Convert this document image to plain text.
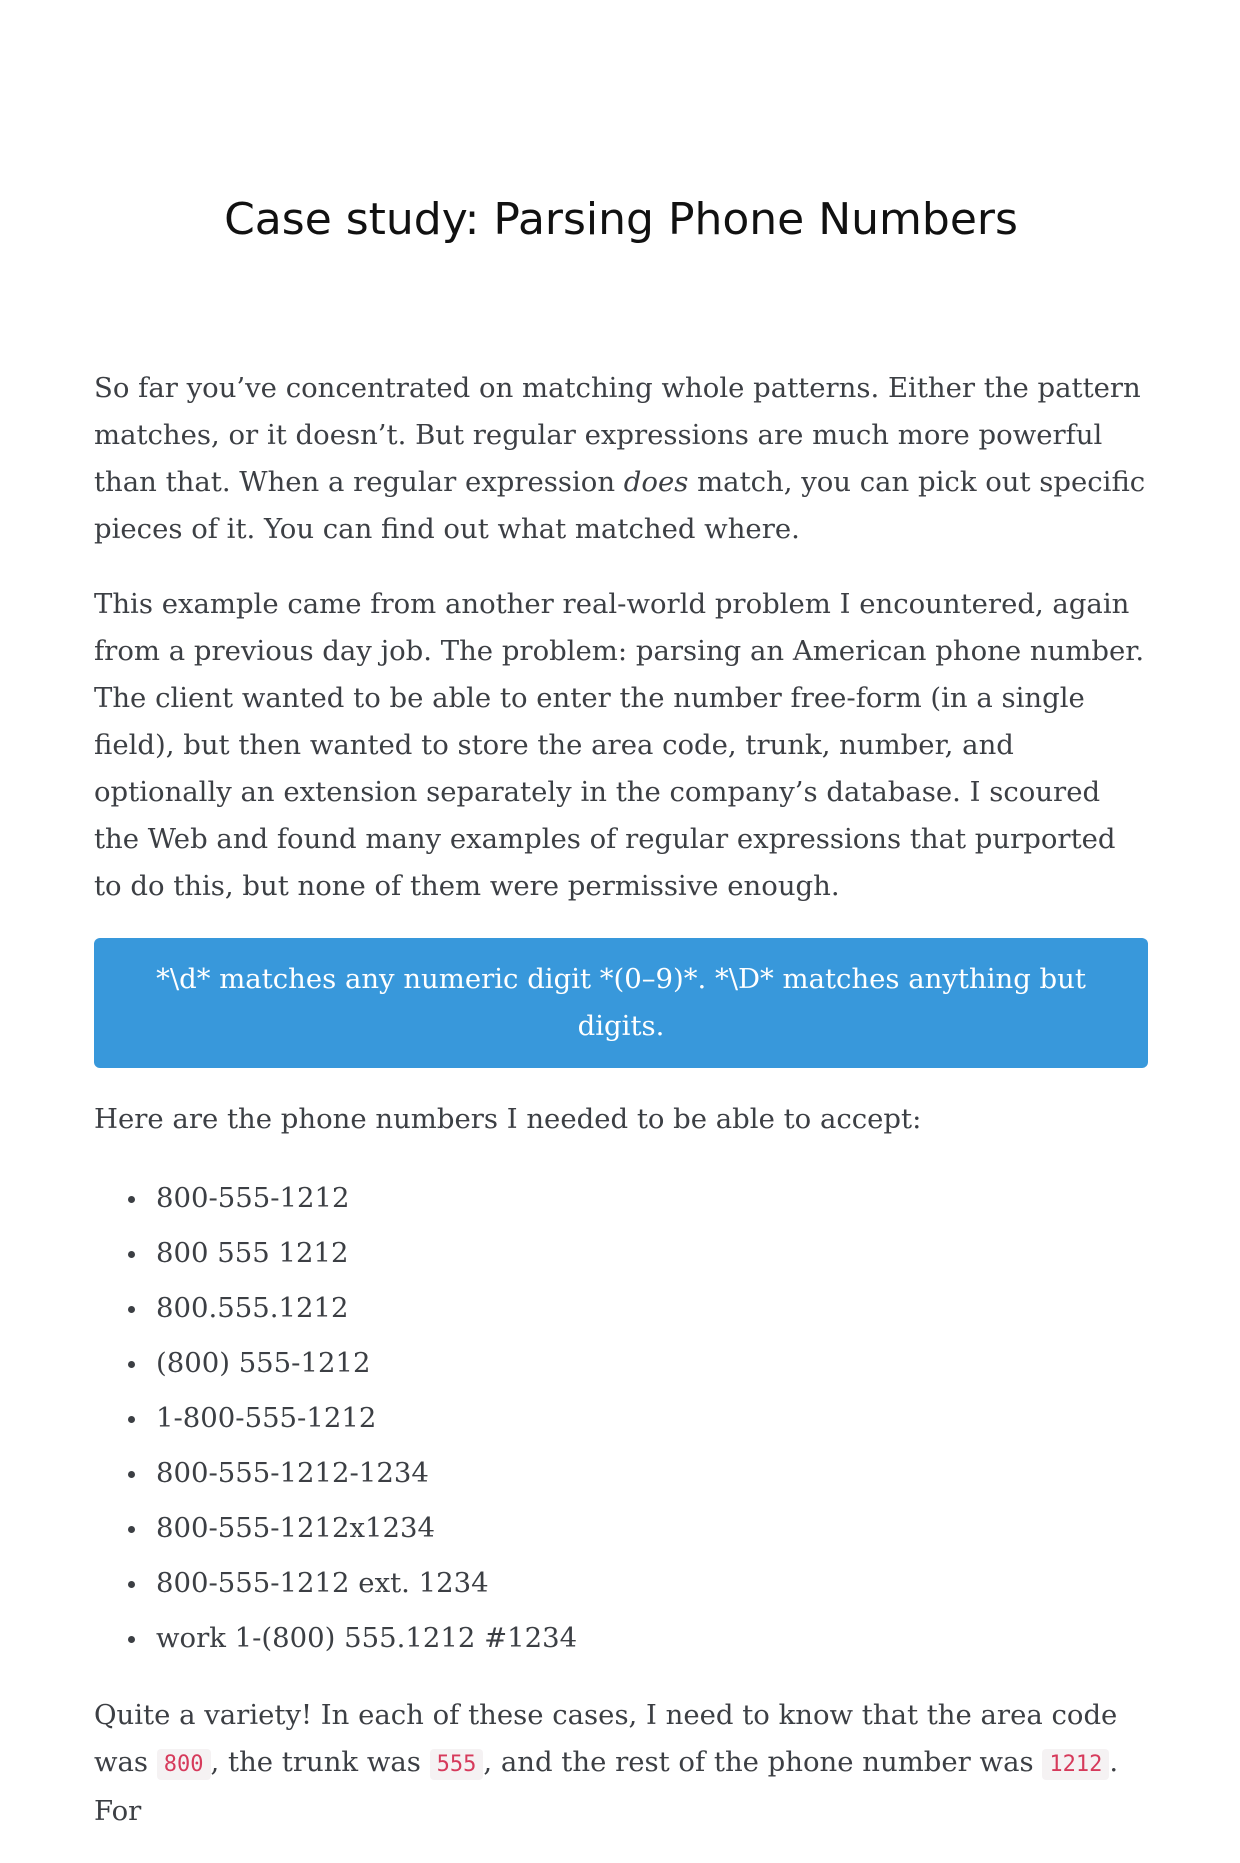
Case study: Parsing Phone Numbers

So far you’ve concentrated on matching whole patterns. Either the pattern matches, or it doesn’t. But regular expressions are much more powerful than that. When a regular expression does match, you can pick out specific pieces of it. You can find out what matched where.

This example came from another real-world problem I encountered, again from a previous day job. The problem: parsing an American phone number. The client wanted to be able to enter the number free-form (in a single field), but then wanted to store the area code, trunk, number, and optionally an extension separately in the company’s database. I scoured the Web and found many examples of regular expressions that purported to do this, but none of them were permissive enough.

*\d* matches any numeric digit *(0–9)*. *\D* matches anything but digits.

Here are the phone numbers I needed to be able to accept:

800-555-1212
800 555 1212
800.555.1212
(800) 555-1212
1-800-555-1212
800-555-1212-1234
800-555-1212x1234
800-555-1212 ext. 1234
work 1-(800) 555.1212 #1234

Quite a variety! In each of these cases, I need to know that the area code was 800 , the trunk was 555 , and the rest of the phone number was 1212 . For
